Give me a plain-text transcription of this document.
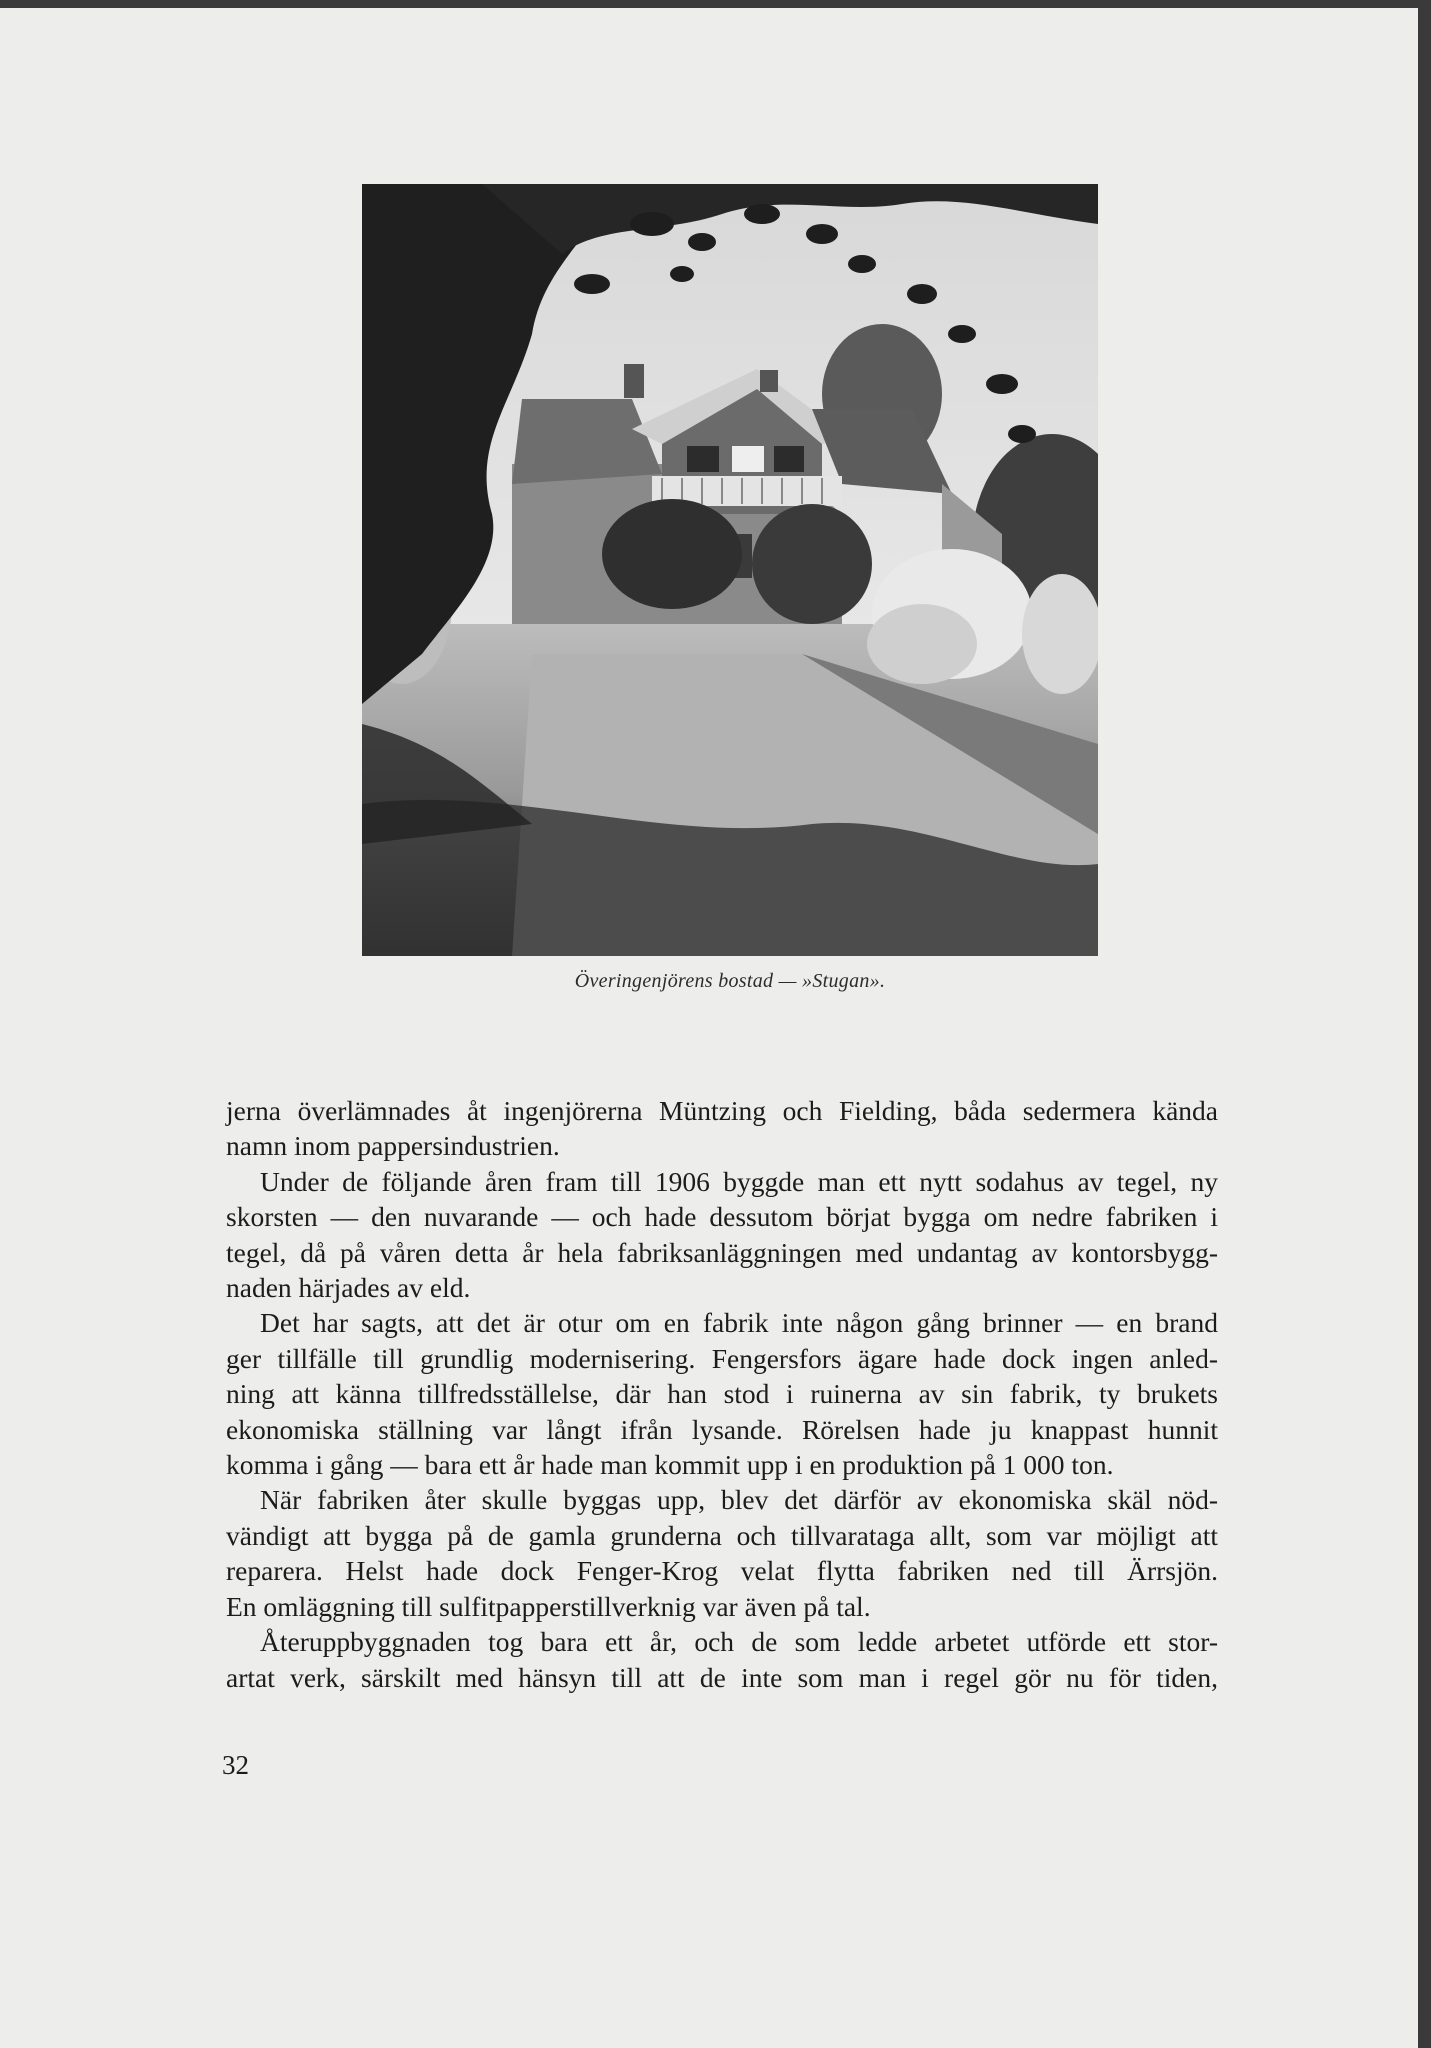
Överingenjörens bostad — »Stugan».

jerna överlämnades åt ingenjörerna Müntzing och Fielding, båda sedermera kända
namn inom pappersindustrien.

Under de följande åren fram till 1906 byggde man ett nytt sodahus av tegel, ny
skorsten — den nuvarande — och hade dessutom börjat bygga om nedre fabriken i
tegel, då på våren detta år hela fabriksanläggningen med undantag av kontorsbygg-
naden härjades av eld.

Det har sagts, att det är otur om en fabrik inte någon gång brinner — en brand
ger tillfälle till grundlig modernisering. Fengersfors ägare hade dock ingen anled-
ning att känna tillfredsställelse, där han stod i ruinerna av sin fabrik, ty brukets
ekonomiska ställning var långt ifrån lysande. Rörelsen hade ju knappast hunnit
komma i gång — bara ett år hade man kommit upp i en produktion på 1 000 ton.

När fabriken åter skulle byggas upp, blev det därför av ekonomiska skäl nöd-
vändigt att bygga på de gamla grunderna och tillvaratagа allt, som var möjligt att
reparera. Helst hade dock Fenger-Krog velat flytta fabriken ned till Ärrsjön.
En omläggning till sulfitpapperstillverknig var även på tal.

Återuppbyggnaden tog bara ett år, och de som ledde arbetet utförde ett stor-
artat verk, särskilt med hänsyn till att de inte som man i regel gör nu för tiden,

32
